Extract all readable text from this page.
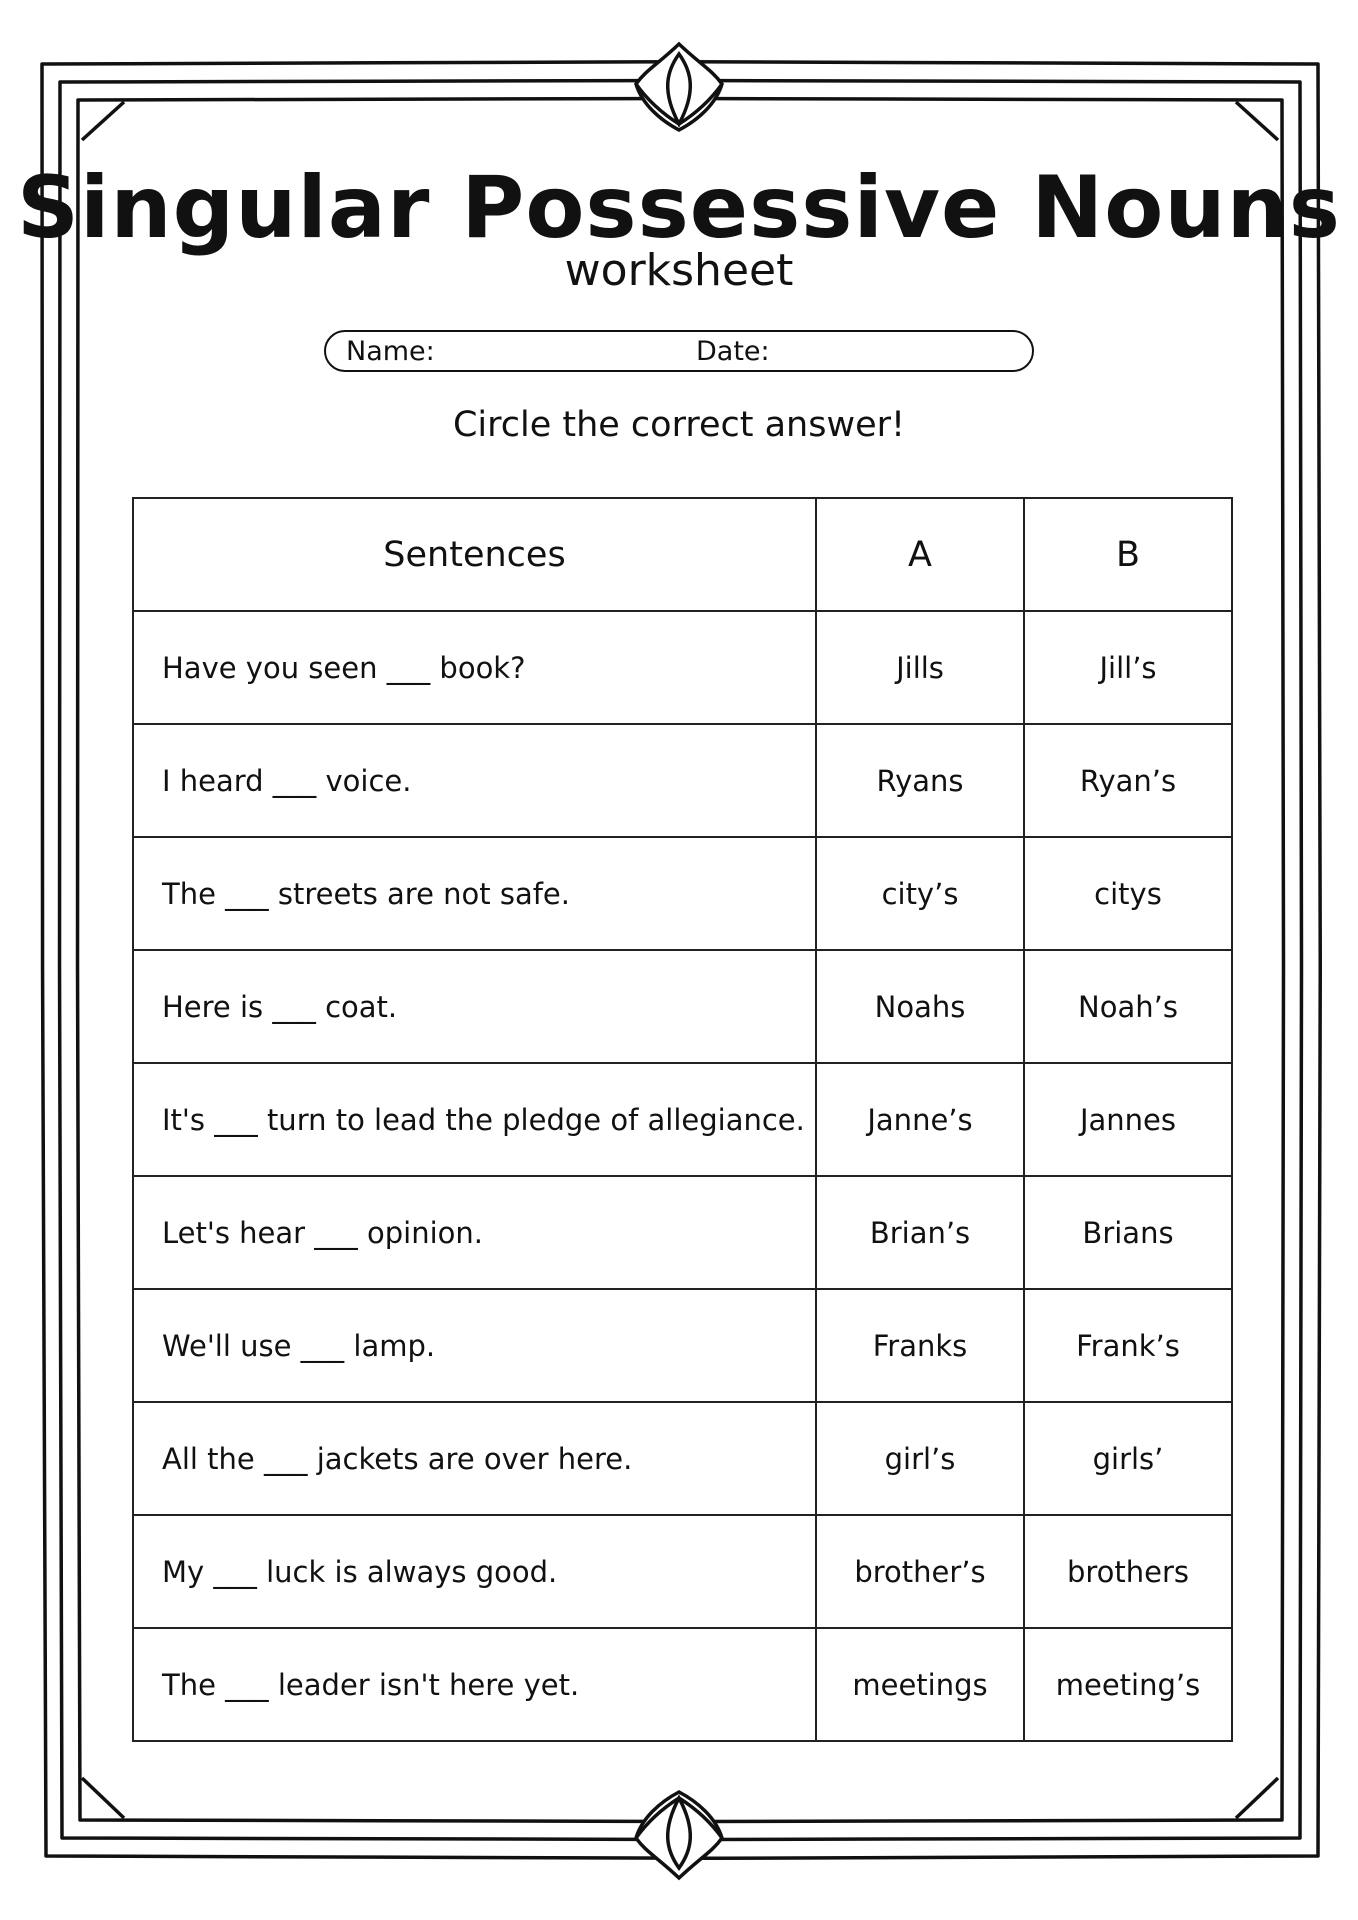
Singular Possessive Nouns
worksheet
Name:	Date:
Circle the correct answer!
Sentences	A	B
Have you seen ___ book?	Jills	Jill’s
I heard ___ voice.	Ryans	Ryan’s
The ___ streets are not safe.	city’s	citys
Here is ___ coat.	Noahs	Noah’s
It's ___ turn to lead the pledge of allegiance.	Janne’s	Jannes
Let's hear ___ opinion.	Brian’s	Brians
We'll use ___ lamp.	Franks	Frank’s
All the ___ jackets are over here.	girl’s	girls’
My ___ luck is always good.	brother’s	brothers
The ___ leader isn't here yet.	meetings	meeting’s
